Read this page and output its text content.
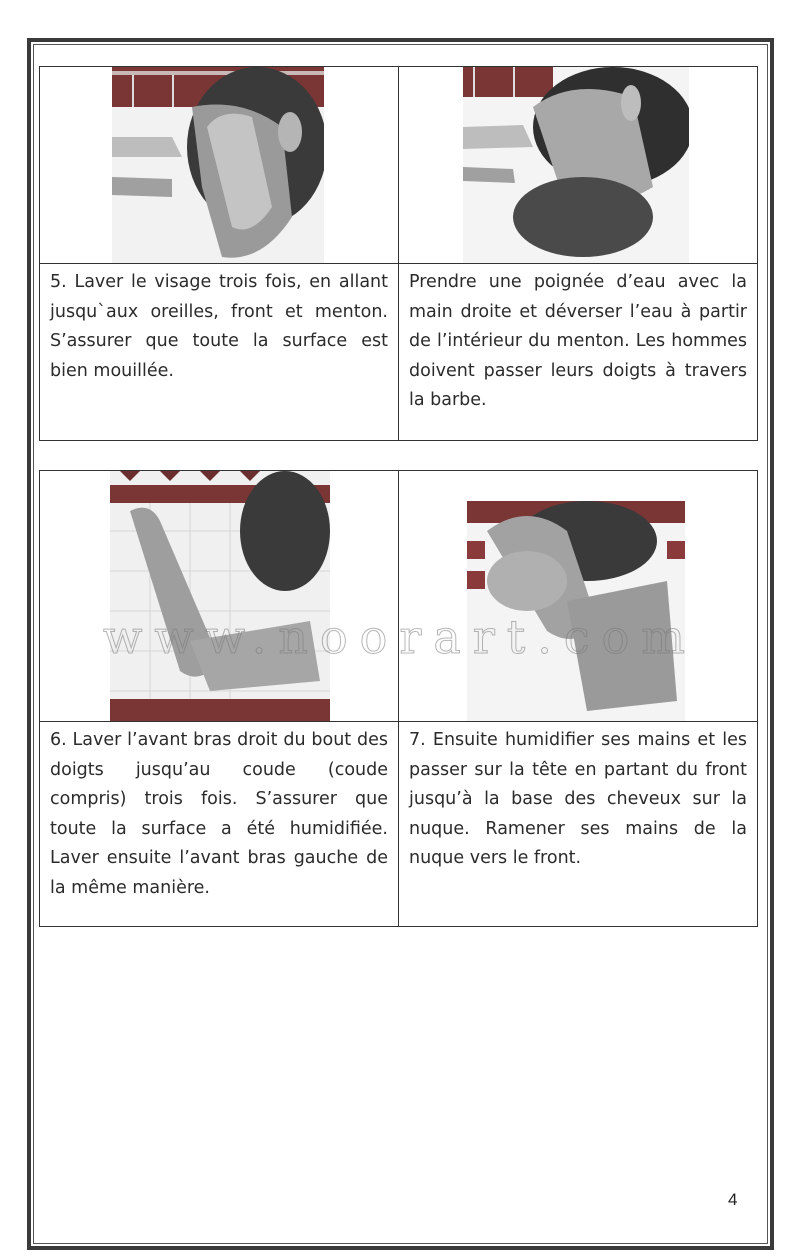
5. Laver le visage trois fois, en allant jusqu`aux oreilles, front et menton. S’assurer que toute la surface est bien mouillée.	Prendre une poignée d’eau avec la main droite et déverser l’eau à partir de l’intérieur du menton. Les hommes doivent passer leurs doigts à travers la barbe.

6. Laver l’avant bras droit du bout des doigts jusqu’au coude (coude compris) trois fois. S’assurer que toute la surface a été humidifiée. Laver ensuite l’avant bras gauche de la même manière.	7. Ensuite humidifier ses mains et les passer sur la tête en partant du front jusqu’à la base des cheveux sur la nuque. Ramener ses mains de la nuque vers le front.
www.noorart.com
4
